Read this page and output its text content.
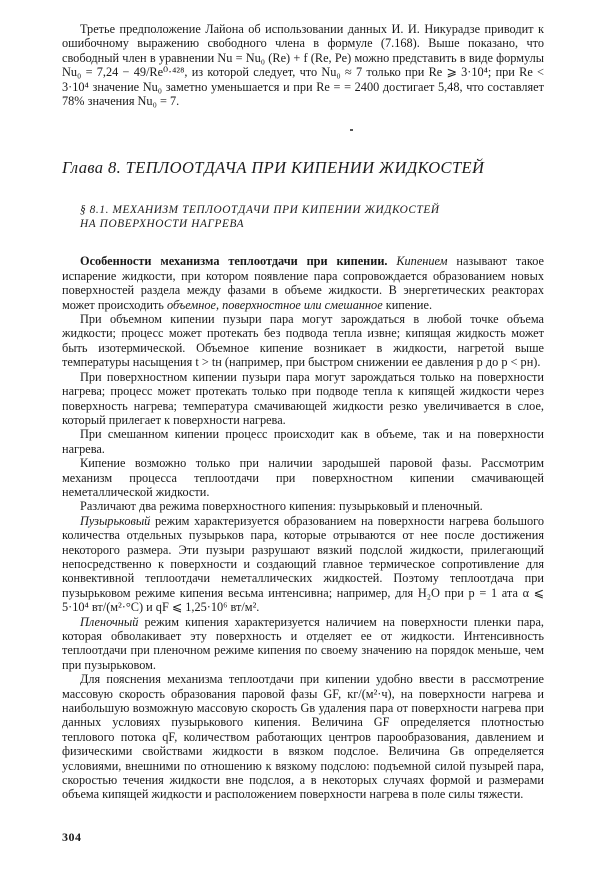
Третье предположение Лайона об использовании данных И. И. Никурадзе приводит к ошибочному выражению свободного члена в формуле (7.168). Выше показано, что свободный член в уравнении Nu = Nu₀ (Re) + f (Re, Pe) можно представить в виде формулы Nu₀ = 7,24 − 49/Re⁰·⁴²⁸, из которой следует, что Nu₀ ≈ 7 только при Re ⩾ 3·10⁴; при Re < 3·10⁴ значение Nu₀ заметно уменьшается и при Re = = 2400 достигает 5,48, что составляет 78% значения Nu₀ = 7.

Глава 8. ТЕПЛООТДАЧА ПРИ КИПЕНИИ ЖИДКОСТЕЙ

§ 8.1. МЕХАНИЗМ ТЕПЛООТДАЧИ ПРИ КИПЕНИИ ЖИДКОСТЕЙ
НА ПОВЕРХНОСТИ НАГРЕВА

Особенности механизма теплоотдачи при кипении. Кипением называют такое испарение жидкости, при котором появление пара сопровождается образованием новых поверхностей раздела между фазами в объеме жидкости. В энергетических реакторах может происходить объемное, поверхностное или смешанное кипение.

При объемном кипении пузыри пара могут зарождаться в любой точке объема жидкости; процесс может протекать без подвода тепла извне; кипящая жидкость может быть изотермической. Объемное кипение возникает в жидкости, нагретой выше температуры насыщения t > tн (например, при быстром снижении ее давления p до p < pн).

При поверхностном кипении пузыри пара могут зарождаться только на поверхности нагрева; процесс может протекать только при подводе тепла к кипящей жидкости через поверхность нагрева; температура смачивающей жидкости резко увеличивается в слое, который прилегает к поверхности нагрева.

При смешанном кипении процесс происходит как в объеме, так и на поверхности нагрева.

Кипение возможно только при наличии зародышей паровой фазы. Рассмотрим механизм процесса теплоотдачи при поверхностном кипении смачивающей неметаллической жидкости.

Различают два режима поверхностного кипения: пузырьковый и пленочный.

Пузырьковый режим характеризуется образованием на поверхности нагрева большого количества отдельных пузырьков пара, которые отрываются от нее после достижения некоторого размера. Эти пузыри разрушают вязкий подслой жидкости, прилегающий непосредственно к поверхности и создающий главное термическое сопротивление для конвективной теплоотдачи неметаллических жидкостей. Поэтому теплоотдача при пузырьковом режиме кипения весьма интенсивна; например, для H₂O при p = 1 ата α ⩽ 5·10⁴ вт/(м²·°С) и qF ⩽ 1,25·10⁶ вт/м².

Пленочный режим кипения характеризуется наличием на поверхности пленки пара, которая обволакивает эту поверхность и отделяет ее от жидкости. Интенсивность теплоотдачи при пленочном режиме кипения по своему значению на порядок меньше, чем при пузырьковом.

Для пояснения механизма теплоотдачи при кипении удобно ввести в рассмотрение массовую скорость образования паровой фазы GF, кг/(м²·ч), на поверхности нагрева и наибольшую возможную массовую скорость Gв удаления пара от поверхности нагрева при данных условиях пузырькового кипения. Величина GF определяется плотностью теплового потока qF, количеством работающих центров парообразования, давлением и физическими свойствами жидкости в вязком подслое. Величина Gв определяется условиями, внешними по отношению к вязкому подслою: подъемной силой пузырей пара, скоростью течения жидкости вне подслоя, а в некоторых случаях формой и размерами объема кипящей жидкости и расположением поверхности нагрева в поле силы тяжести.

304
